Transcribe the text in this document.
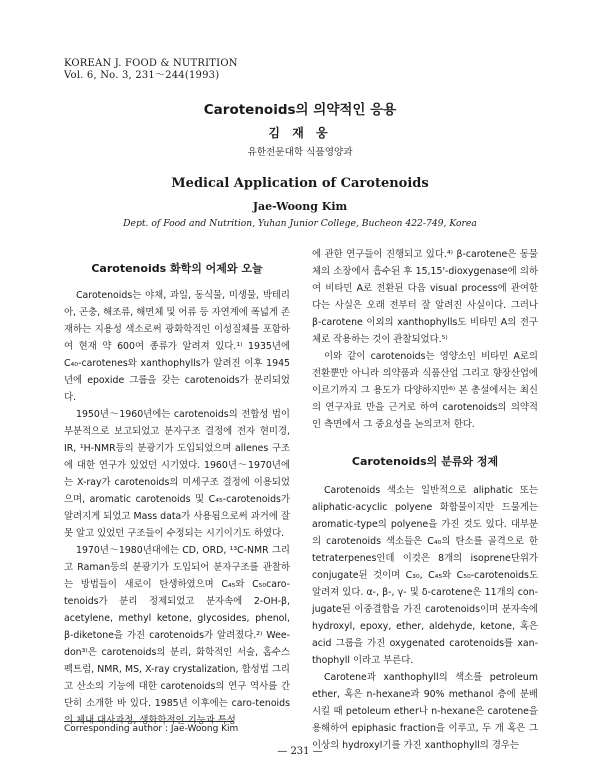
KOREAN J. FOOD & NUTRITION
Vol. 6, No. 3, 231～244(1993)
Carotenoids의 의약적인 응용
김 재 웅
유한전문대학 식품영양과
Medical Application of Carotenoids
Jae-Woong Kim
Dept. of Food and Nutrition, Yuhan Junior College, Bucheon 422-749, Korea
Carotenoids 화학의 어제와 오늘

Carotenoids는 야채, 과일, 동식물, 미생물, 박테리아, 곤충, 해조류, 해면체 및 어류 등 자연계에 폭넓게 존재하는 지용성 색소로써 광화학적인 이성질체를 포함하여 현재 약 600여 종류가 알려져 있다.¹⁾ 1935년에 C₄₀-carotenes와 xanthophylls가 알려진 이후 1945년에 epoxide 그룹을 갖는 carotenoids가 분리되었다.

1950년～1960년에는 carotenoids의 전합성 법이 부분적으로 보고되었고 분자구조 결정에 전자 현미경, IR, ¹H-NMR등의 분광기가 도입되었으며 allenes 구조에 대한 연구가 있었던 시기였다. 1960년～1970년에는 X-ray가 carotenoids의 미세구조 결정에 이용되었으며, aromatic carotenoids 및 C₄₅-carotenoids가 알려지게 되었고 Mass data가 사용됨으로써 과거에 잘못 알고 있었던 구조들이 수정되는 시기이기도 하였다.

1970년～1980년대에는 CD, ORD, ¹³C-NMR 그리고 Raman등의 분광기가 도입되어 분자구조를 관찰하는 방법들이 새로이 탄생하였으며 C₄₅와 C₅₀caro-tenoids가 분리 정제되었고 분자속에 2-OH-β, acetylene, methyl ketone, glycosides, phenol, β-diketone을 가진 carotenoids가 알려졌다.²⁾ Wee-don³⁾은 carotenoids의 분리, 화학적인 서술, 홉수스펙트럼, NMR, MS, X-ray crystalization, 합성법 그리고 산소의 기능에 대한 carotenoids의 연구 역사를 간단히 소개한 바 있다. 1985년 이후에는 caro-tenoids의 체내 대사과정, 생화학적인 기능과 특성

에 관한 연구들이 진행되고 있다.⁴⁾ β-carotene은 동물체의 소장에서 흡수된 후 15,15'-dioxygenase에 의하여 비타민 A로 전환된 다음 visual process에 관여한다는 사실은 오래 전부터 잘 알려진 사실이다. 그러나 β-carotene 이외의 xanthophylls도 비타민 A의 전구체로 작용하는 것이 관찰되었다.⁵⁾

이와 같이 carotenoids는 영양소인 비타민 A로의 전환뿐만 아니라 의약품과 식품산업 그리고 향장산업에 이르기까지 그 용도가 다양하지만⁶⁾ 본 총설에서는 최신의 연구자료 만을 근거로 하여 carotenoids의 의약적인 측면에서 그 중요성을 논의코저 한다.

Carotenoids의 분류와 정제

Carotenoids 색소는 일반적으로 aliphatic 또는 aliphatic-acyclic polyene 화합물이지만 드물게는 aromatic-type의 polyene을 가진 것도 있다. 대부분의 carotenoids 색소들은 C₄₀의 탄소를 골격으로 한 tetraterpenes인데 이것은 8개의 isoprene단위가 conjugate된 것이며 C₃₀, C₄₅와 C₅₀-carotenoids도 알려져 있다. α-, β-, γ- 및 δ-carotene은 11개의 con-jugate된 이중결합을 가진 carotenoids이며 분자속에 hydroxyl, epoxy, ether, aldehyde, ketone, 혹은 acid 그룹을 가진 oxygenated carotenoids를 xan-thophyll 이라고 부른다.

Carotene과 xanthophyll의 색소를 petroleum ether, 혹은 n-hexane과 90% methanol 층에 분배시킬 때 petoleum ether나 n-hexane은 carotene을 용해하여 epiphasic fraction을 이루고, 두 개 혹은 그 이상의 hydroxyl기를 가진 xanthophyll의 경우는

Corresponding author : Jae-Woong Kim
— 231 —
